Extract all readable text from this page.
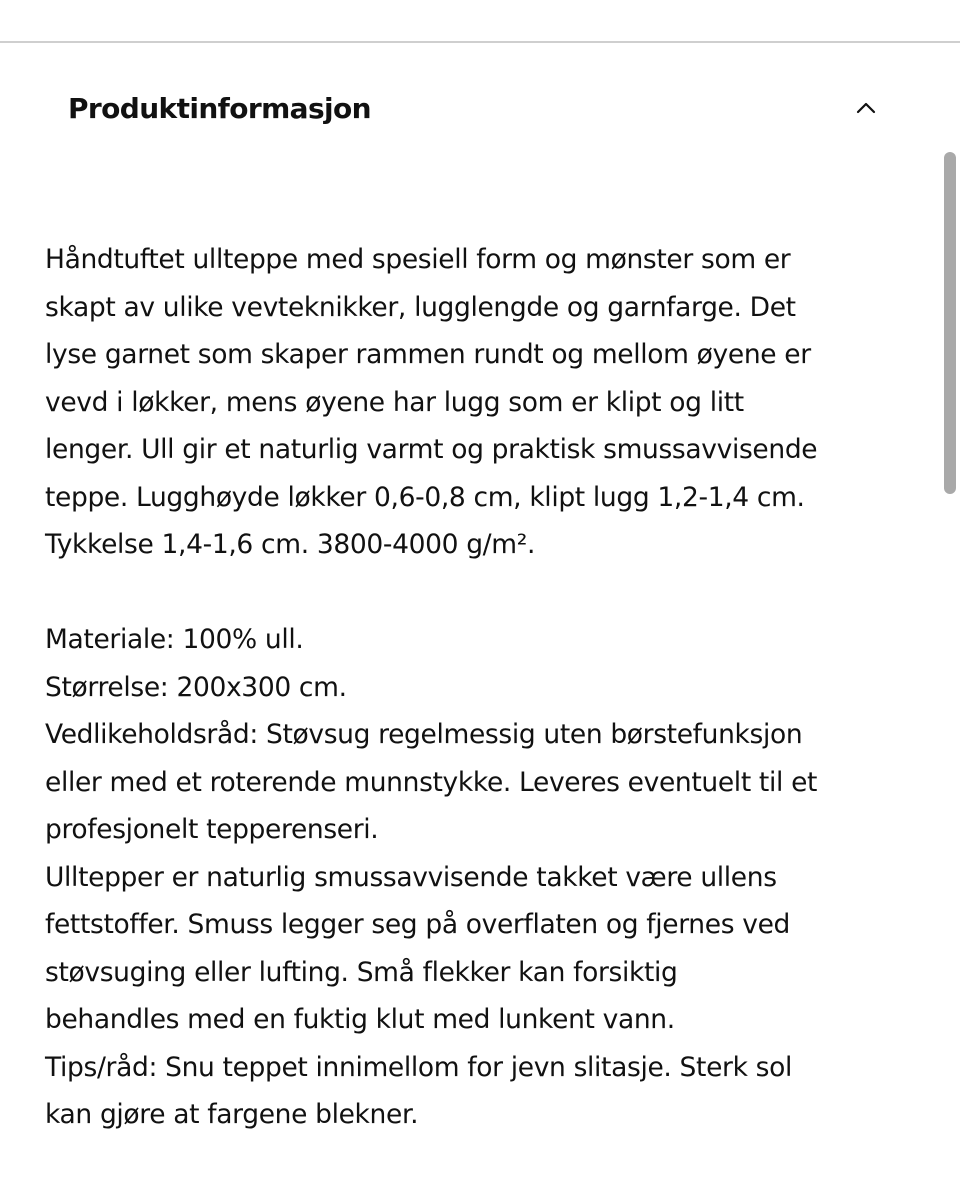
Produktinformasjon
Håndtuftet ullteppe med spesiell form og mønster som er
skapt av ulike vevteknikker, lugglengde og garnfarge. Det
lyse garnet som skaper rammen rundt og mellom øyene er
vevd i løkker, mens øyene har lugg som er klipt og litt
lenger. Ull gir et naturlig varmt og praktisk smussavvisende
teppe. Lugghøyde løkker 0,6-0,8 cm, klipt lugg 1,2-1,4 cm.
Tykkelse 1,4-1,6 cm. 3800-4000 g/m².
Materiale: 100% ull.
Størrelse: 200x300 cm.
Vedlikeholdsråd: Støvsug regelmessig uten børstefunksjon
eller med et roterende munnstykke. Leveres eventuelt til et
profesjonelt tepperenseri.
Ulltepper er naturlig smussavvisende takket være ullens
fettstoffer. Smuss legger seg på overflaten og fjernes ved
støvsuging eller lufting. Små flekker kan forsiktig
behandles med en fuktig klut med lunkent vann.
Tips/råd: Snu teppet innimellom for jevn slitasje. Sterk sol
kan gjøre at fargene blekner.
